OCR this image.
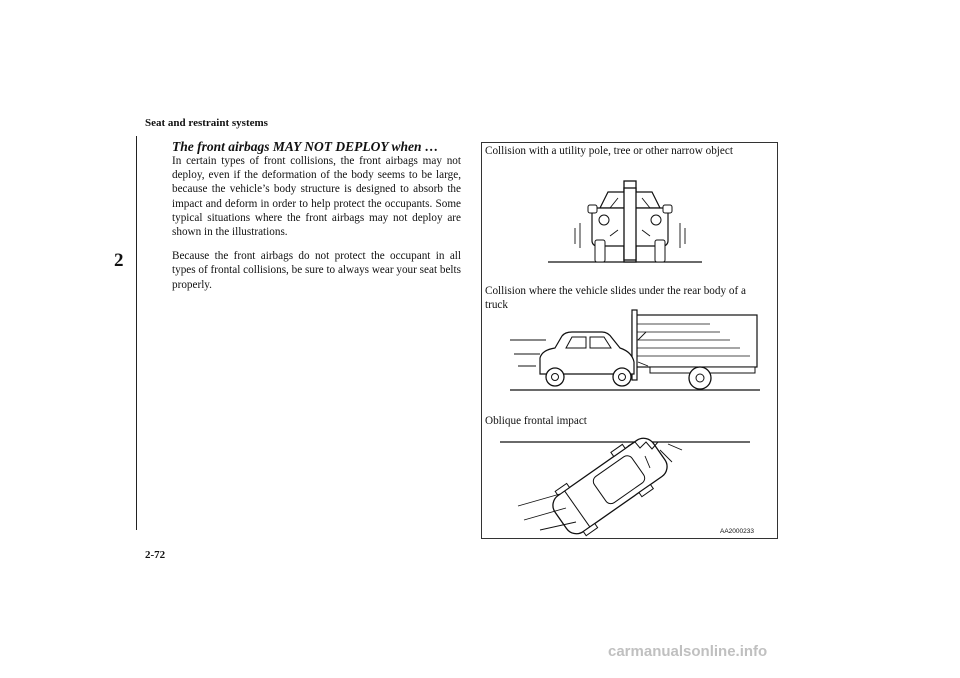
Seat and restraint systems
2
The front airbags MAY NOT DEPLOY when …

In certain types of front collisions, the front airbags may not deploy, even if the deformation of the body seems to be large, because the vehicle’s body structure is designed to absorb the impact and deform in order to help protect the occupants. Some typical situations where the front airbags may not deploy are shown in the illustrations.

Because the front airbags do not protect the occupant in all types of frontal collisions, be sure to always wear your seat belts properly.

Collision with a utility pole, tree or other narrow object
Collision where the vehicle slides under the rear body of a truck
Oblique frontal impact
AA2000233
2-72
carmanualsonline.info
